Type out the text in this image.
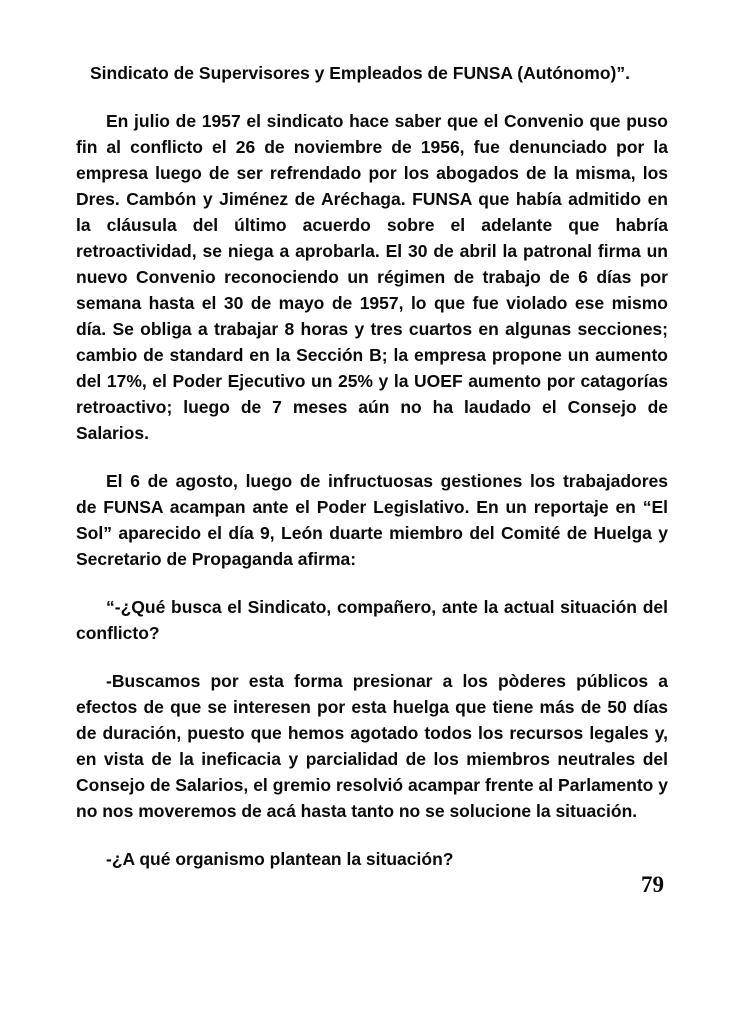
Sindicato de Supervisores y Empleados de FUNSA (Autónomo)”.

En julio de 1957 el sindicato hace saber que el Convenio que puso fin al conflicto el 26 de noviembre de 1956, fue denunciado por la empresa luego de ser refrendado por los abogados de la misma, los Dres. Cambón y Jiménez de Aréchaga. FUNSA que había admitido en la cláusula del último acuerdo sobre el adelante que habría retroactividad, se niega a aprobarla. El 30 de abril la patronal firma un nuevo Convenio reconociendo un régimen de trabajo de 6 días por semana hasta el 30 de mayo de 1957, lo que fue violado ese mismo día. Se obliga a trabajar 8 horas y tres cuartos en algunas secciones; cambio de standard en la Sección B; la empresa propone un aumento del 17%, el Poder Ejecutivo un 25% y la UOEF aumento por catagorías retroactivo; luego de 7 meses aún no ha laudado el Consejo de Salarios.

El 6 de agosto, luego de infructuosas gestiones los trabajadores de FUNSA acampan ante el Poder Legislativo. En un reportaje en “El Sol” aparecido el día 9, León duarte miembro del Comité de Huelga y Secretario de Propaganda afirma:

“-¿Qué busca el Sindicato, compañero, ante la actual situación del conflicto?

-Buscamos por esta forma presionar a los pòderes públicos a efectos de que se interesen por esta huelga que tiene más de 50 días de duración, puesto que hemos agotado todos los recursos legales y, en vista de la ineficacia y parcialidad de los miembros neutrales del Consejo de Salarios, el gremio resolvió acampar frente al Parlamento y no nos moveremos de acá hasta tanto no se solucione la situación.

-¿A qué organismo plantean la situación?

79
